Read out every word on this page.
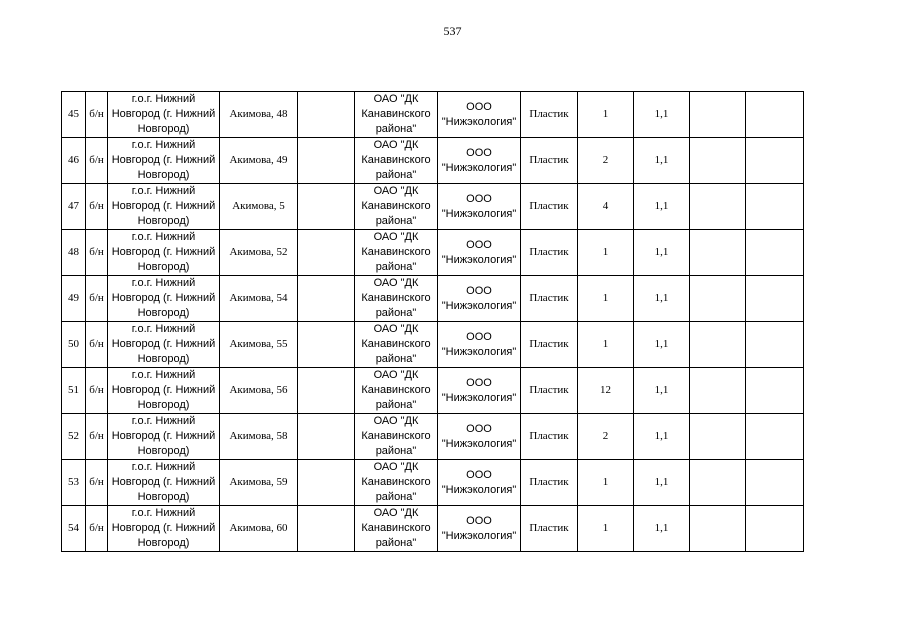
537
45	б/н	г.о.г. Нижний Новгород (г. Нижний Новгород)	Акимова, 48		ОАО "ДК Канавинского района"	ООО "Нижэкология"	Пластик	1	1,1		
46	б/н	г.о.г. Нижний Новгород (г. Нижний Новгород)	Акимова, 49		ОАО "ДК Канавинского района"	ООО "Нижэкология"	Пластик	2	1,1		
47	б/н	г.о.г. Нижний Новгород (г. Нижний Новгород)	Акимова, 5		ОАО "ДК Канавинского района"	ООО "Нижэкология"	Пластик	4	1,1		
48	б/н	г.о.г. Нижний Новгород (г. Нижний Новгород)	Акимова, 52		ОАО "ДК Канавинского района"	ООО "Нижэкология"	Пластик	1	1,1		
49	б/н	г.о.г. Нижний Новгород (г. Нижний Новгород)	Акимова, 54		ОАО "ДК Канавинского района"	ООО "Нижэкология"	Пластик	1	1,1		
50	б/н	г.о.г. Нижний Новгород (г. Нижний Новгород)	Акимова, 55		ОАО "ДК Канавинского района"	ООО "Нижэкология"	Пластик	1	1,1		
51	б/н	г.о.г. Нижний Новгород (г. Нижний Новгород)	Акимова, 56		ОАО "ДК Канавинского района"	ООО "Нижэкология"	Пластик	12	1,1		
52	б/н	г.о.г. Нижний Новгород (г. Нижний Новгород)	Акимова, 58		ОАО "ДК Канавинского района"	ООО "Нижэкология"	Пластик	2	1,1		
53	б/н	г.о.г. Нижний Новгород (г. Нижний Новгород)	Акимова, 59		ОАО "ДК Канавинского района"	ООО "Нижэкология"	Пластик	1	1,1		
54	б/н	г.о.г. Нижний Новгород (г. Нижний Новгород)	Акимова, 60		ОАО "ДК Канавинского района"	ООО "Нижэкология"	Пластик	1	1,1		
